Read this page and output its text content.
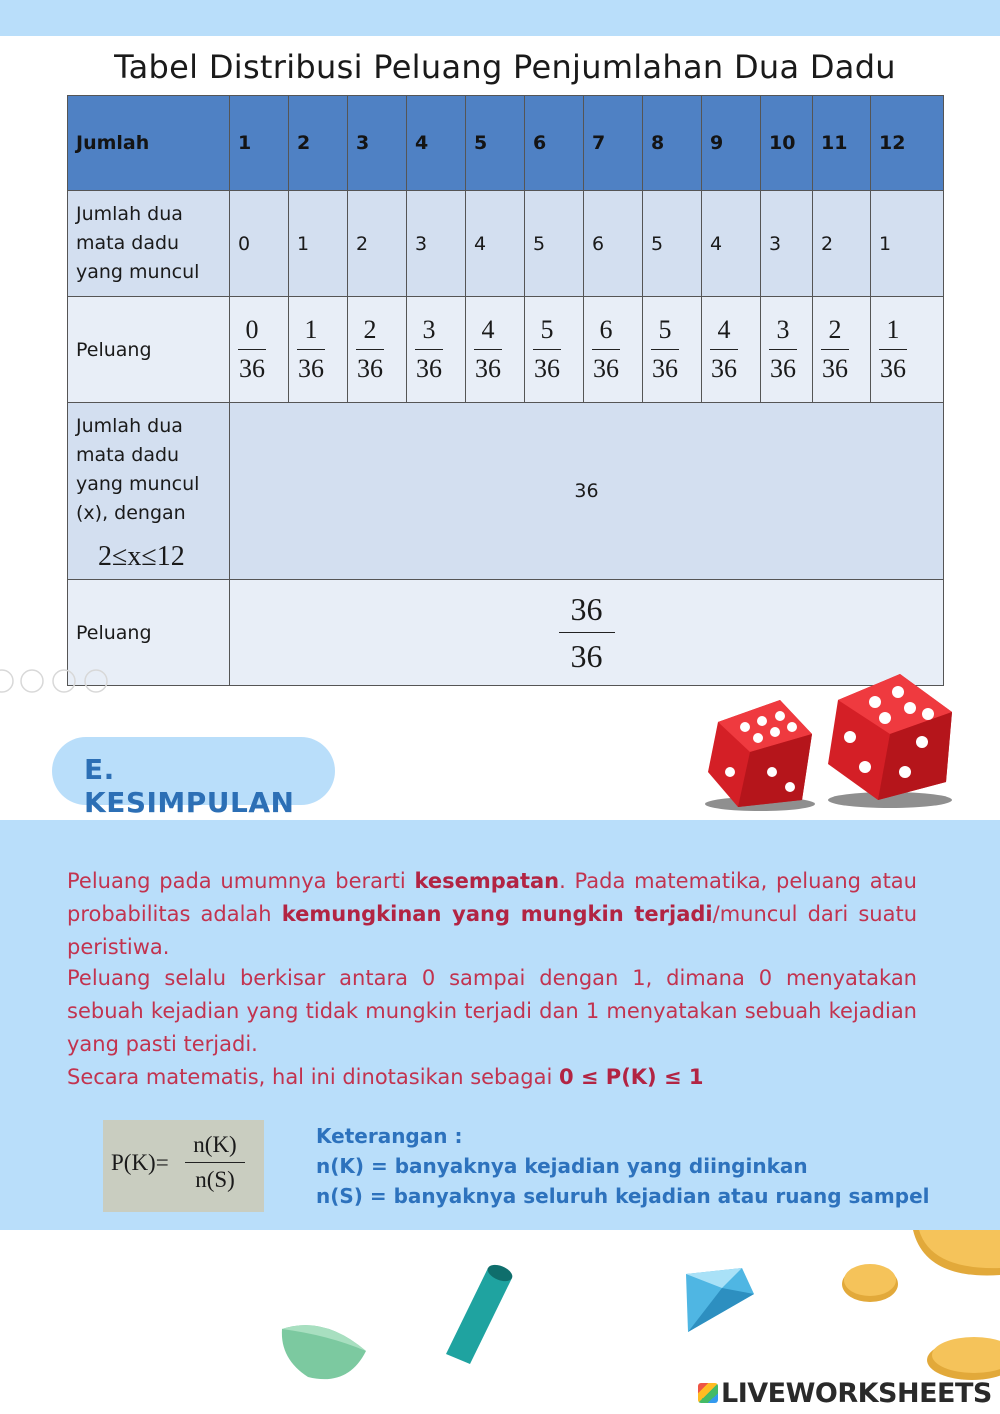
Tabel Distribusi Peluang Penjumlahan Dua Dadu
Jumlah	1	2	3	4	5	6	7	8	9	10	11	12
Jumlah dua
mata dadu
yang muncul	0	1	2	3	4	5	6	5	4	3	2	1
Peluang	$\frac{0}{36}$	$\frac{1}{36}$	$\frac{2}{36}$	$\frac{3}{36}$	$\frac{4}{36}$	$\frac{5}{36}$	$\frac{6}{36}$	$\frac{5}{36}$	$\frac{4}{36}$	$\frac{3}{36}$	$\frac{2}{36}$	$\frac{1}{36}$

Jumlah dua
mata dadu
yang muncul
(x), dengan
2≤x≤12	36											
Peluang	$\frac{36}{36}$
E. KESIMPULAN

Peluang pada umumnya berarti kesempatan. Pada matematika, peluang atau probabilitas adalah kemungkinan yang mungkin terjadi/muncul dari suatu peristiwa.

Peluang selalu berkisar antara 0 sampai dengan 1, dimana 0 menyatakan sebuah kejadian yang tidak mungkin terjadi dan 1 menyatakan sebuah kejadian yang pasti terjadi.

Secara matematis, hal ini dinotasikan sebagai 0 ≤ P(K) ≤ 1

P(K)=
n(K)
n(S)

Keterangan :

n(K) = banyaknya kejadian yang diinginkan

n(S) = banyaknya seluruh kejadian atau ruang sampel

LIVEWORKSHEETS
